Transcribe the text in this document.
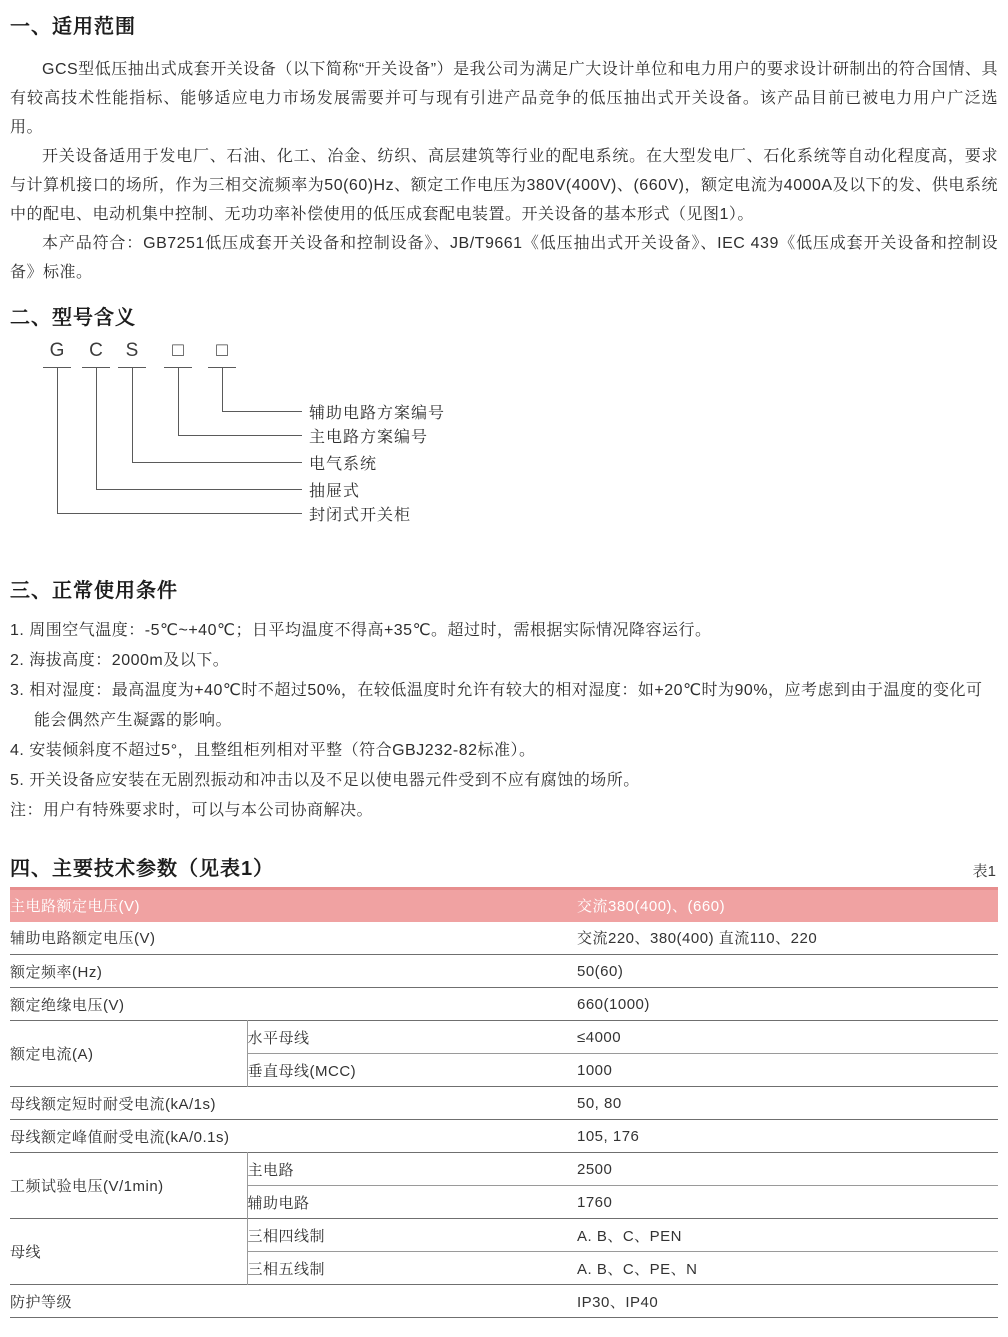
一、适用范围

GCS型低压抽出式成套开关设备（以下简称“开关设备”）是我公司为满足广大设计单位和电力用户的要求设计研制出的符合国情、具有较高技术性能指标、能够适应电力市场发展需要并可与现有引进产品竞争的低压抽出式开关设备。该产品目前已被电力用户广泛选用。

开关设备适用于发电厂、石油、化工、冶金、纺织、高层建筑等行业的配电系统。在大型发电厂、石化系统等自动化程度高，要求与计算机接口的场所，作为三相交流频率为50(60)Hz、额定工作电压为380V(400V)、(660V)，额定电流为4000A及以下的发、供电系统中的配电、电动机集中控制、无功功率补偿使用的低压成套配电装置。开关设备的基本形式（见图1）。

本产品符合：GB7251低压成套开关设备和控制设备》、JB/T9661《低压抽出式开关设备》、IEC 439《低压成套开关设备和控制设备》标准。

二、型号含义
G	C	S	□	□
辅助电路方案编号
主电路方案编号
电气系统
抽屉式
封闭式开关柜
三、正常使用条件

1. 周围空气温度：-5℃~+40℃；日平均温度不得高+35℃。超过时，需根据实际情况降容运行。

2. 海拔高度：2000m及以下。

3. 相对湿度：最高温度为+40℃时不超过50%，在较低温度时允许有较大的相对湿度：如+20℃时为90%，应考虑到由于温度的变化可能会偶然产生凝露的影响。

4. 安装倾斜度不超过5°，且整组柜列相对平整（符合GBJ232-82标准）。

5. 开关设备应安装在无剧烈振动和冲击以及不足以使电器元件受到不应有腐蚀的场所。

注：用户有特殊要求时，可以与本公司协商解决。

四、主要技术参数（见表1）	表1
主电路额定电压(V)		交流380(400)、(660)
辅助电路额定电压(V)		交流220、380(400) 直流110、220
额定频率(Hz)		50(60)
额定绝缘电压(V)		660(1000)
额定电流(A)	水平母线	≤4000
	垂直母线(MCC)	1000
母线额定短时耐受电流(kA/1s)		50, 80
母线额定峰值耐受电流(kA/0.1s)		105, 176
工频试验电压(V/1min)	主电路	2500
	辅助电路	1760
母线	三相四线制	A. B、C、PEN
	三相五线制	A. B、C、PE、N
防护等级		IP30、IP40
